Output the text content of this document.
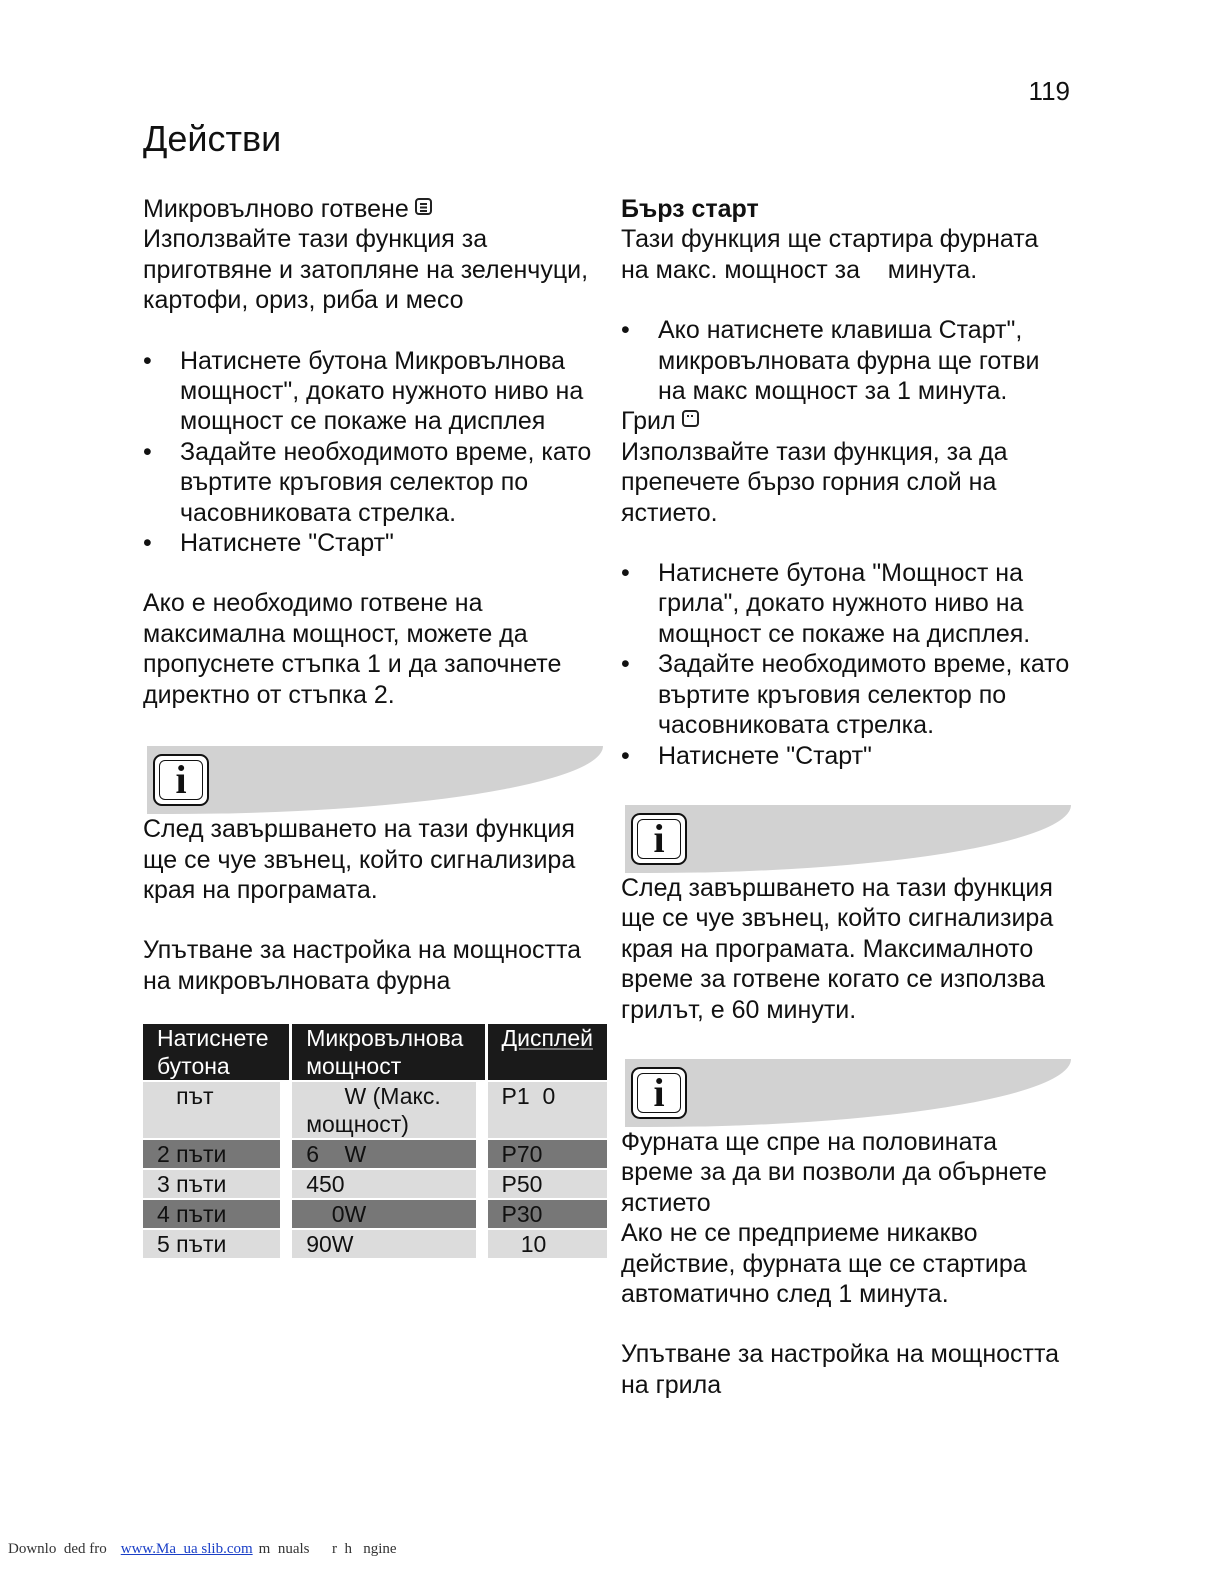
119
Действи

Микровълново готвене

Използвайте тази функция за приготвяне и затопляне на зеленчуци, картофи, ориз, риба и месо

• Натиснете бутона Микровълнова мощност", докато нужното ниво на мощност се покаже на дисплея
• Задайте необходимото време, като въртите кръговия селектор по часовниковата стрелка.
• Натиснете "Старт"

Ако е необходимо готвене на максимална мощност, можете да пропуснете стъпка 1 и да започнете директно от стъпка 2.

i

След завършването на тази функция ще се чуе звънец, който сигнализира края на програмата.

Упътване за настройка на мощността на микровълновата фурна

Натиснете бутона	Микровълнова мощност	Дисплей
път	W (Макс. мощност)	P1  0
2 пъти	6    W	P70
3 пъти	450	P50
4 пъти	0W	P30
5 пъти	90W	10

Бърз старт

Тази функция ще стартира фурната на макс. мощност за    минута.

• Ако натиснете клавиша Старт", микровълновата фурна ще готви на макс мощност за 1 минута.

Грил

Използвайте тази функция, за да препечете бързо горния слой на ястието.

• Натиснете бутона "Мощност на грила", докато нужното ниво на мощност се покаже на дисплея.
• Задайте необходимото време, като въртите кръговия селектор по часовниковата стрелка.
• Натиснете "Старт"
i

След завършването на тази функция ще се чуе звънец, който сигнализира края на програмата. Максималното време за готвене когато се използва грилът, е 60 минути.

i

Фурната ще спре на половината време за да ви позволи да обърнете ястието

Ако не се предприеме никакво действие, фурната ще се стартира автоматично след 1 минута.

Упътване за настройка на мощността на грила

Downlo  ded fro www.Ma  ua slib.com m  nuals      r  h   ngine
